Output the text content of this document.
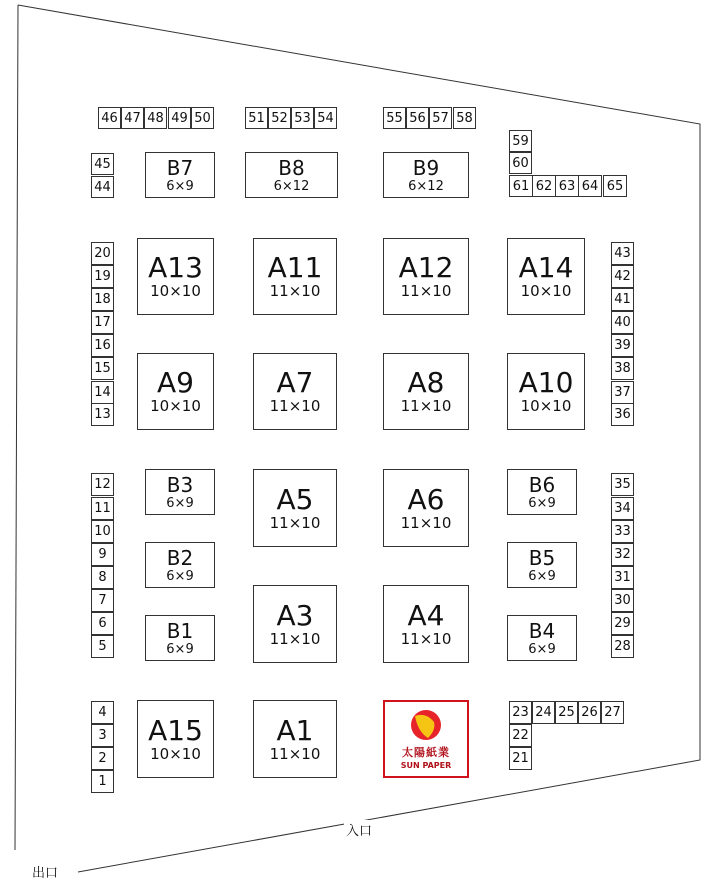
A13
10×10
A11
11×10
A12
11×10
A14
10×10
A9
10×10
A7
11×10
A8
11×10
A10
10×10
A5
11×10
A6
11×10
A3
11×10
A4
11×10
A15
10×10
A1
11×10
B7
6×9
B8
6×12
B9
6×12
B3
6×9
B2
6×9
B1
6×9
B6
6×9
B5
6×9
B4
6×9
46 47 48 49 50	51 52 53 54	55 56 57 58
59
60
61 62 63 64 65
45
44
20
19
18
17
16
15
14
13
12
11
10
9
8
7
6
5
4
3
2
1
43
42
41
40
39
38
37
36
35
34
33
32
31
30
29
28
23 24 25 26 27
22
21
太陽紙業
SUN PAPER
入口
出口
